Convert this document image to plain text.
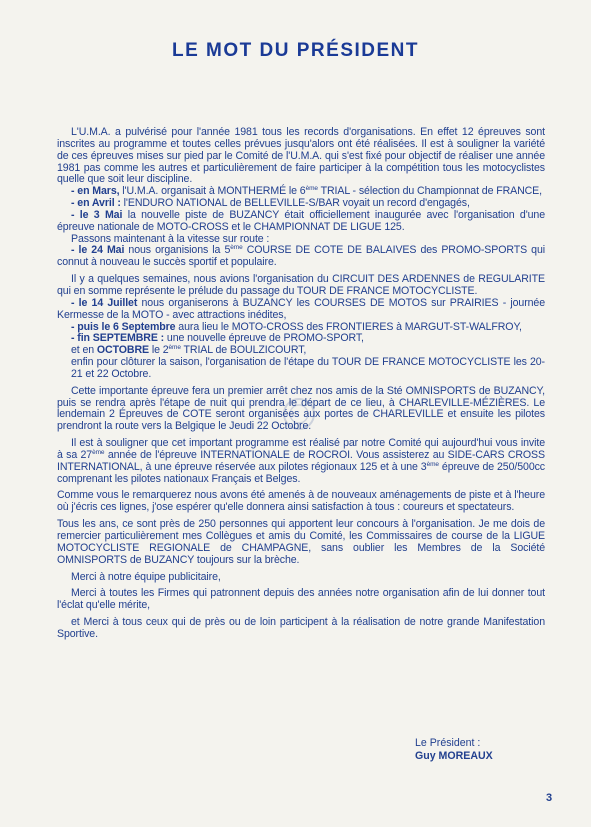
LE MOT DU PRÉSIDENT

L'U.M.A. a pulvérisé pour l'année 1981 tous les records d'organisations. En effet 12 épreuves sont inscrites au programme et toutes celles prévues jusqu'alors ont été réalisées. Il est à souligner la variété de ces épreuves mises sur pied par le Comité de l'U.M.A. qui s'est fixé pour objectif de réaliser une année 1981 pas comme les autres et particulièrement de faire participer à la compétition tous les motocyclistes quelle que soit leur discipline.

- en Mars, l'U.M.A. organisait à MONTHERMÉ le 6ème TRIAL - sélection du Championnat de FRANCE,

- en Avril : l'ENDURO NATIONAL de BELLEVILLE-S/BAR voyait un record d'engagés,

- le 3 Mai la nouvelle piste de BUZANCY était officiellement inaugurée avec l'organisation d'une épreuve nationale de MOTO-CROSS et le CHAMPIONNAT DE LIGUE 125.

Passons maintenant à la vitesse sur route :

- le 24 Mai nous organisions la 5ème COURSE DE COTE DE BALAIVES des PROMO-SPORTS qui connut à nouveau le succès sportif et populaire.

Il y a quelques semaines, nous avions l'organisation du CIRCUIT DES ARDENNES de REGULARITE qui en somme représente le prélude du passage du TOUR DE FRANCE MOTOCYCLISTE.

- le 14 Juillet nous organiserons à BUZANCY les COURSES DE MOTOS sur PRAIRIES - journée Kermesse de la MOTO - avec attractions inédites,

- puis le 6 Septembre aura lieu le MOTO-CROSS des FRONTIERES à MARGUT-ST-WALFROY,

- fin SEPTEMBRE : une nouvelle épreuve de PROMO-SPORT,

et en OCTOBRE le 2ème TRIAL de BOULZICOURT,

enfin pour clôturer la saison, l'organisation de l'étape du TOUR DE FRANCE MOTOCYCLISTE les 20-21 et 22 Octobre.

Cette importante épreuve fera un premier arrêt chez nos amis de la Sté OMNISPORTS de BUZANCY, puis se rendra après l'étape de nuit qui prendra le départ de ce lieu, à CHARLEVILLE-MÉZIÈRES. Le lendemain 2 Épreuves de COTE seront organisées aux portes de CHARLEVILLE et ensuite les pilotes prendront la route vers la Belgique le Jeudi 22 Octobre.

Il est à souligner que cet important programme est réalisé par notre Comité qui aujourd'hui vous invite à sa 27ème année de l'épreuve INTERNATIONALE de ROCROI. Vous assisterez au SIDE-CARS CROSS INTERNATIONAL, à une épreuve réservée aux pilotes régionaux 125 et à une 3ème épreuve de 250/500cc comprenant les pilotes nationaux Français et Belges.

Comme vous le remarquerez nous avons été amenés à de nouveaux aménagements de piste et à l'heure où j'écris ces lignes, j'ose espérer qu'elle donnera ainsi satisfaction à tous : coureurs et spectateurs.

Tous les ans, ce sont près de 250 personnes qui apportent leur concours à l'organisation. Je me dois de remercier particulièrement mes Collègues et amis du Comité, les Commissaires de course de la LIGUE MOTOCYCLISTE REGIONALE de CHAMPAGNE, sans oublier les Membres de la Société OMNISPORTS de BUZANCY toujours sur la brèche.

Merci à notre équipe publicitaire,

Merci à toutes les Firmes qui patronnent depuis des années notre organisation afin de lui donner tout l'éclat qu'elle mérite,

et Merci à tous ceux qui de près ou de loin participent à la réalisation de notre grande Manifestation Sportive.

Le Président :
Guy MOREAUX
3
